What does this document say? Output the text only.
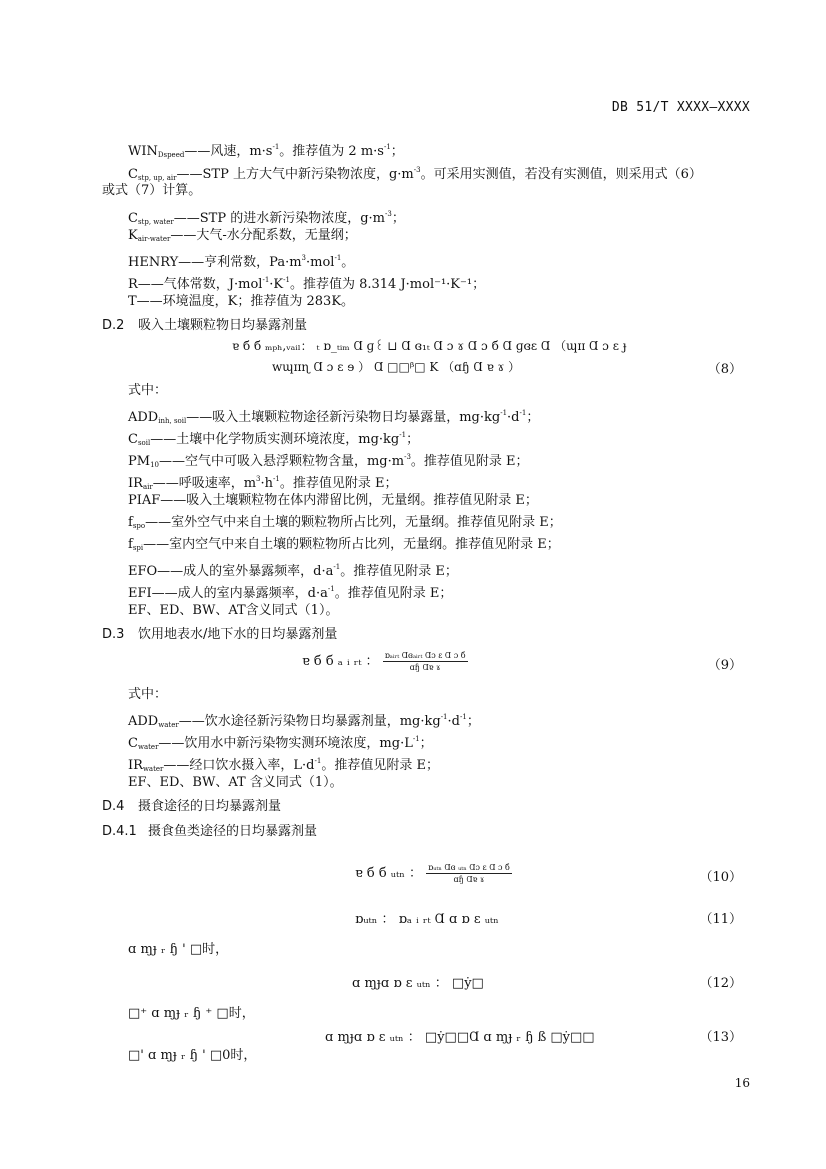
DB 51/T XXXX—XXXX
$WIN_{Dspeed}——$风速，$m\cdot s^{-1}$。推荐值为 2 $m\cdot s^{-1}$；
$C_{stp, up, air}——STP$ 上方大气中新污染物浓度，$g\cdot m^{-3}$。可采用实测值，若没有实测值，则采用式（6）
或式（7）计算。
$C_{stp, water}——STP$ 的进水新污染物浓度，$g\cdot m^{-3}$；
$K_{air-water}——$大气-水分配系数，无量纲；
HENRY——亨利常数，$Pa\cdot m^3\cdot mol^{-1}$。
R——气体常数，$J\cdot mol^{-1}\cdot K^{-1}$。推荐值为 8.314 J·mol⁻¹·K⁻¹；
T——环境温度，K；推荐值为 283K。
D.2 吸入土壤颗粒物日均暴露剂量
ɐ б б ₘₚₕ,ᵥₐᵢₗ： ₜ ɒ_ₜᵢₘ Ɑ ɡ꒰ ⊔ Ɑ ɞ₁ₜ Ɑ ɔ ɤ Ɑ ɔ б Ɑ ɡɞɛ Ɑ （ɰɪɪ Ɑ ɔ ɛ ɟ
wɰɪɪɳ Ɑ ɔ ɛ ɘ ） Ɑ □□ᵝ□ K （ɑɧ Ɑ ɐ ɤ ）	（8）
式中：
$ADD_{inh, soil}——$吸入土壤颗粒物途径新污染物日均暴露量，$mg\cdot kg^{-1}\cdot d^{-1}$；
$C_{soil}——$土壤中化学物质实测环境浓度，$mg\cdot kg^{-1}$；
$PM_{10}——$空气中可吸入悬浮颗粒物含量，$mg\cdot m^{-3}$。推荐值见附录 E；
$IR_{air}——$呼吸速率，$m^3\cdot h^{-1}$。推荐值见附录 E；
PIAF——吸入土壤颗粒物在体内滞留比例，无量纲。推荐值见附录 E；
$f_{spo}——$室外空气中来自土壤的颗粒物所占比列，无量纲。推荐值见附录 E；
$f_{spi}——$室内空气中来自土壤的颗粒物所占比列，无量纲。推荐值见附录 E；
EFO——成人的室外暴露频率，$d\cdot a^{-1}$。推荐值见附录 E；
EFI——成人的室内暴露频率，$d\cdot a^{-1}$。推荐值见附录 E；
EF、ED、BW、AT含义同式（1）。
D.3 饮用地表水/地下水的日均暴露剂量
ɐ б б ₐ ᵢ ᵣₜ ： $\frac{\text{ɒₐᵢᵣₜ Ɑɞₐᵢᵣₜ Ɑɔ ɛ Ɑ ɔ б}}{\text{ɑɧ Ɑɐ ɤ}}$	（9）
式中：
$ADD_{water}——$饮水途径新污染物日均暴露剂量，$mg\cdot kg^{-1}\cdot d^{-1}$；
$C_{water}——$饮用水中新污染物实测环境浓度，$mg\cdot L^{-1}$；
$IR_{water}——$经口饮水摄入率，$L\cdot d^{-1}$。推荐值见附录 E；
EF、ED、BW、AT 含义同式（1）。
D.4 摄食途径的日均暴露剂量
D.4.1 摄食鱼类途径的日均暴露剂量
ɐ б б ᵤₜₙ ： $\frac{\text{ɒᵤₜₙ Ɑɞ ᵤₜₙ Ɑɔ ɛ Ɑ ɔ б}}{\text{ɑɧ Ɑɐ ɤ}}$	（10）
ɒᵤₜₙ ： ɒₐ ᵢ ᵣₜ Ɑ ɑ ɒ ɛ ᵤₜₙ	（11）
ɑ ɱɟ ᵣ ɧ ' □时，
ɑ ɱɟɑ ɒ ɛ ᵤₜₙ ： □ẏ□	（12）
□⁺ ɑ ɱɟ ᵣ ɧ ⁺ □时，
ɑ ɱɟɑ ɒ ɛ ᵤₜₙ ： □ẏ□□Ɑ ɑ ɱɟ ᵣ ɧ ß □ẏ□□	（13）
□' ɑ ɱɟ ᵣ ɧ ' □0时，
16
